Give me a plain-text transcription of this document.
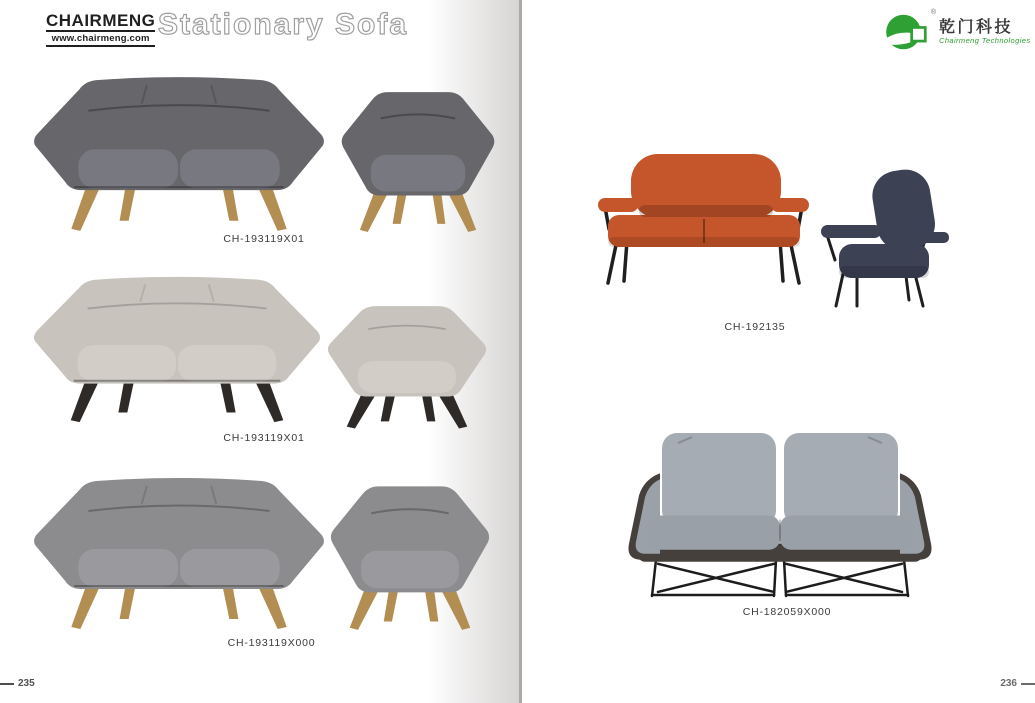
CHAIRMENG
www.chairmeng.com Stationary Sofa
CH-193119X01
CH-193119X01
CH-193119X000
235
®
乾门科技
Chairmeng Technologies
CH-192135
CH-182059X000
236
